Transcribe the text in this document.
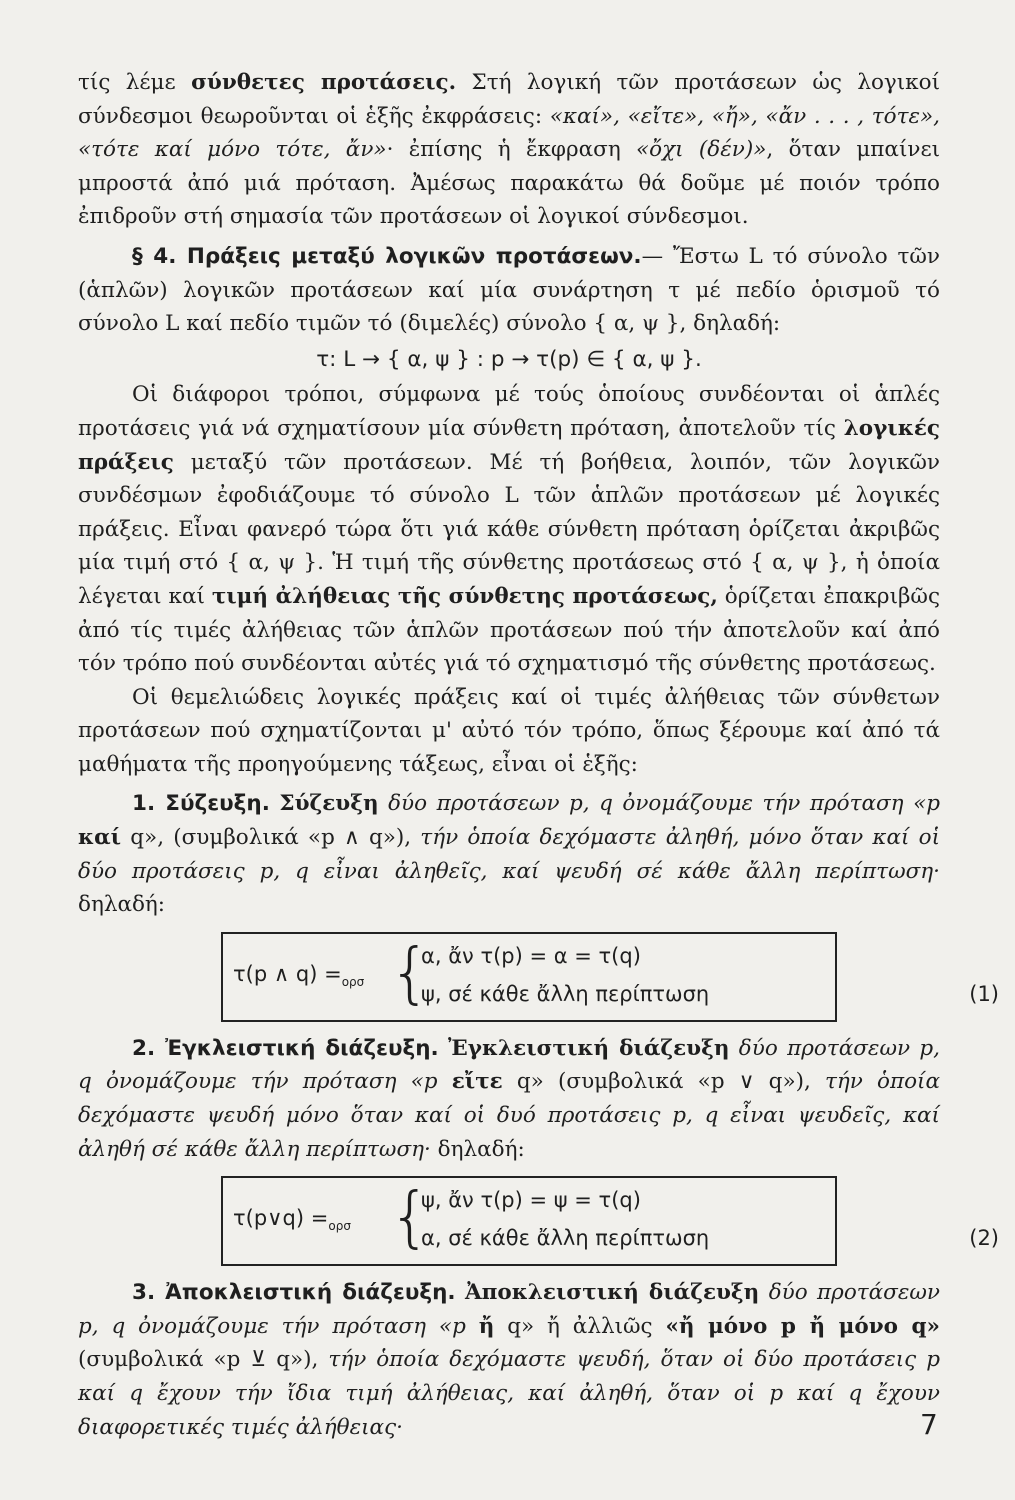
τίς λέμε σύνθετες προτάσεις. Στή λογική τῶν προτάσεων ὡς λογικοί σύνδεσμοι θεωροῦνται οἱ ἑξῆς ἐκφράσεις: «καί», «εἴτε», «ἤ», «ἄν . . . , τότε», «τότε καί μόνο τότε, ἄν»· ἐπίσης ἡ ἔκφραση «ὄχι (δέν)», ὅταν μπαίνει μπροστά ἀπό μιά πρόταση. Ἀμέσως παρακάτω θά δοῦμε μέ ποιόν τρόπο ἐπιδροῦν στή σημασία τῶν προτάσεων οἱ λογικοί σύνδεσμοι.

§ 4. Πράξεις μεταξύ λογικῶν προτάσεων.— Ἔστω L τό σύνολο τῶν (ἁπλῶν) λογικῶν προτάσεων καί μία συνάρτηση τ μέ πεδίο ὁρισμοῦ τό σύνολο L καί πεδίο τιμῶν τό (διμελές) σύνολο { α, ψ }, δηλαδή:

τ: L → { α, ψ } : p → τ(p) ∈ { α, ψ }.

Οἱ διάφοροι τρόποι, σύμφωνα μέ τούς ὁποίους συνδέονται οἱ ἁπλές προτάσεις γιά νά σχηματίσουν μία σύνθετη πρόταση, ἀποτελοῦν τίς λογικές πράξεις μεταξύ τῶν προτάσεων. Μέ τή βοήθεια, λοιπόν, τῶν λογικῶν συνδέσμων ἐφοδιάζουμε τό σύνολο L τῶν ἁπλῶν προτάσεων μέ λογικές πράξεις. Εἶναι φανερό τώρα ὅτι γιά κάθε σύνθετη πρόταση ὁρίζεται ἀκριβῶς μία τιμή στό { α, ψ }. Ἡ τιμή τῆς σύνθετης προτάσεως στό { α, ψ }, ἡ ὁποία λέγεται καί τιμή ἀλήθειας τῆς σύνθετης προτάσεως, ὁρίζεται ἐπακριβῶς ἀπό τίς τιμές ἀλήθειας τῶν ἁπλῶν προτάσεων πού τήν ἀποτελοῦν καί ἀπό τόν τρόπο πού συνδέονται αὐτές γιά τό σχηματισμό τῆς σύνθετης προτάσεως.

Οἱ θεμελιώδεις λογικές πράξεις καί οἱ τιμές ἀλήθειας τῶν σύνθετων προτάσεων πού σχηματίζονται μ' αὐτό τόν τρόπο, ὅπως ξέρουμε καί ἀπό τά μαθήματα τῆς προηγούμενης τάξεως, εἶναι οἱ ἑξῆς:

1. Σύζευξη. Σύζευξη δύο προτάσεων p, q ὀνομάζουμε τήν πρόταση «p καί q», (συμβολικά «p ∧ q»), τήν ὁποία δεχόμαστε ἀληθή, μόνο ὅταν καί οἱ δύο προτάσεις p, q εἶναι ἀληθεῖς, καί ψευδή σέ κάθε ἄλλη περίπτωση· δηλαδή:

τ(p ∧ $q) =_{o\rho\sigma}$ {
α, ἄν τ(p) = α = τ(q)
ψ, σέ κάθε ἄλλη περίπτωση	(1)

2. Ἐγκλειστική διάζευξη. Ἐγκλειστική διάζευξη δύο προτάσεων p, q ὀνομάζουμε τήν πρόταση «p εἴτε q» (συμβολικά «p ∨ q»), τήν ὁποία δεχόμαστε ψευδή μόνο ὅταν καί οἱ δυό προτάσεις p, q εἶναι ψευδεῖς, καί ἀληθή σέ κάθε ἄλλη περίπτωση· δηλαδή:

τ(p∨q) $=_{o\rho\sigma}$ {
ψ, ἄν τ(p) = ψ = τ(q)
α, σέ κάθε ἄλλη περίπτωση	(2)

3. Ἀποκλειστική διάζευξη. Ἀποκλειστική διάζευξη δύο προτάσεων p, q ὀνομάζουμε τήν πρόταση «p ἤ q» ἤ ἀλλιῶς «ἤ μόνο p ἤ μόνο q» (συμβολικά «p ⊻ q»), τήν ὁποία δεχόμαστε ψευδή, ὅταν οἱ δύο προτάσεις p καί q ἔχουν τήν ἴδια τιμή ἀλήθειας, καί ἀληθή, ὅταν οἱ p καί q ἔχουν διαφορετικές τιμές ἀλήθειας·	7
